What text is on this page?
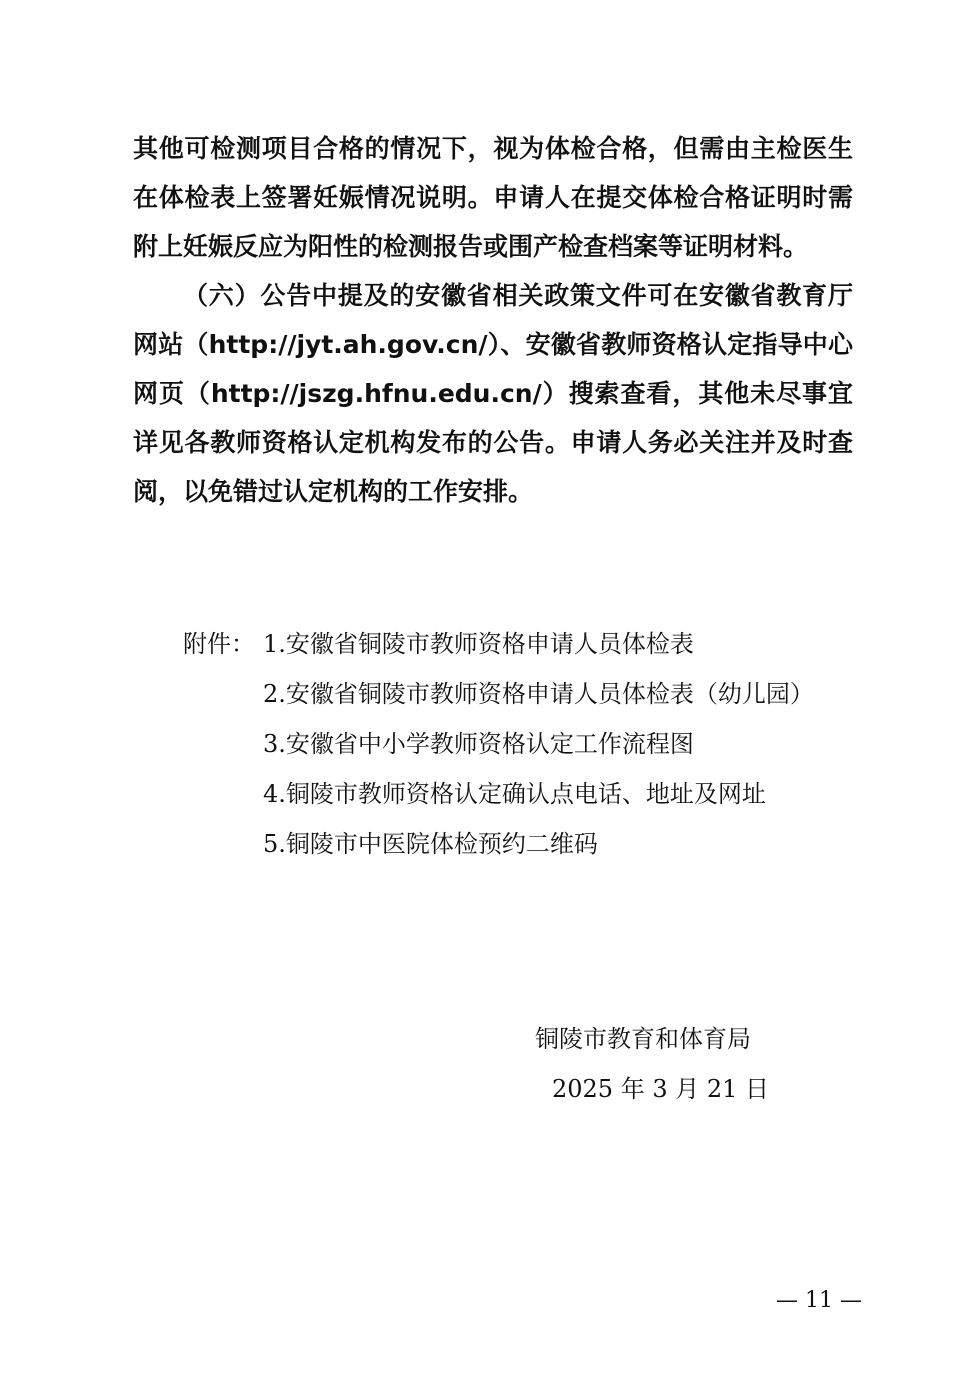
其他可检测项目合格的情况下，视为体检合格，但需由主检医生在体检表上签署妊娠情况说明。申请人在提交体检合格证明时需附上妊娠反应为阳性的检测报告或围产检查档案等证明材料。

（六）公告中提及的安徽省相关政策文件可在安徽省教育厅网站（http://jyt.ah.gov.cn/）、安徽省教师资格认定指导中心网页（http://jszg.hfnu.edu.cn/）搜索查看，其他未尽事宜详见各教师资格认定机构发布的公告。申请人务必关注并及时查阅，以免错过认定机构的工作安排。

附件： 1.安徽省铜陵市教师资格申请人员体检表
2.安徽省铜陵市教师资格申请人员体检表（幼儿园）
3.安徽省中小学教师资格认定工作流程图
4.铜陵市教师资格认定确认点电话、地址及网址
5.铜陵市中医院体检预约二维码
铜陵市教育和体育局
2025 年 3 月 21 日
— 11 —
